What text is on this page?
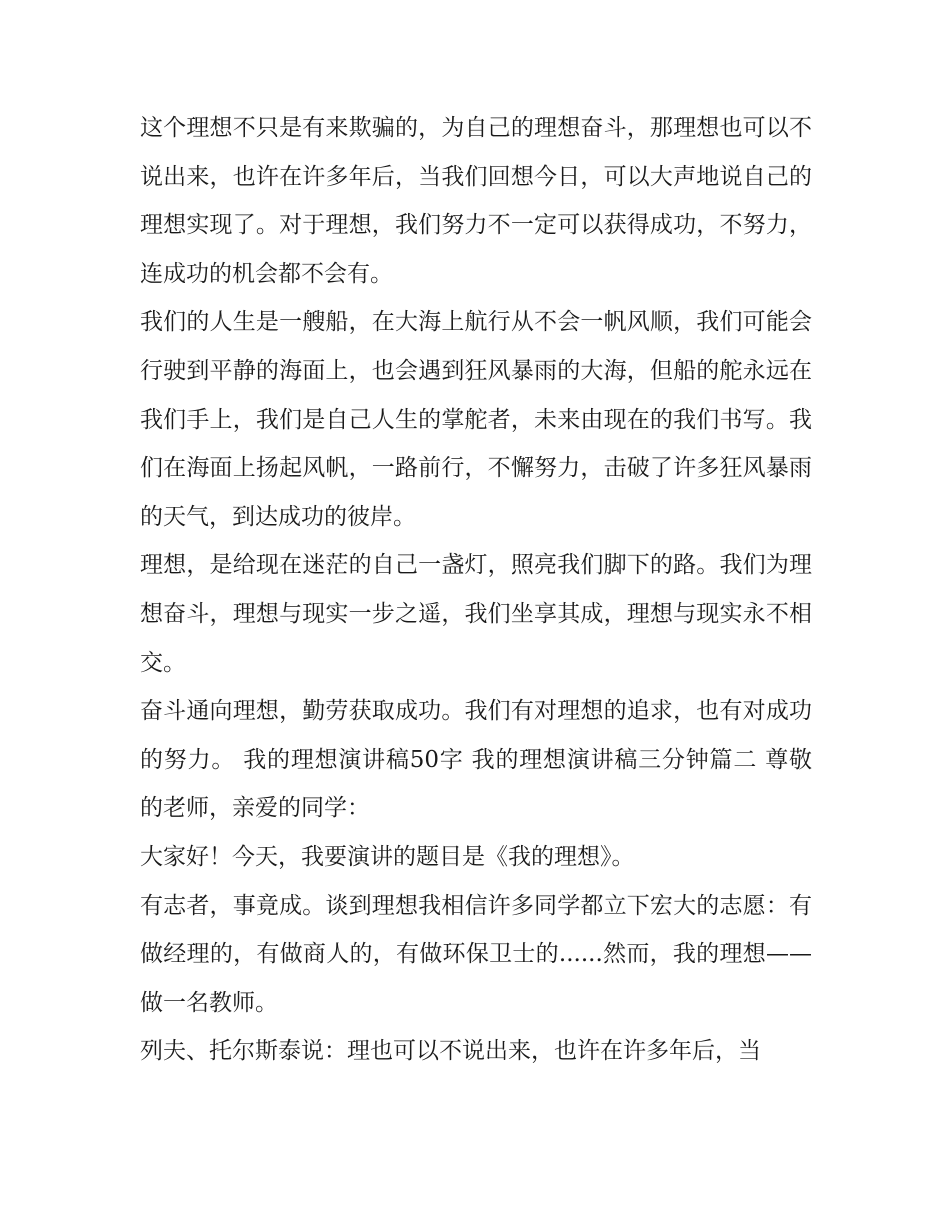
这个理想不只是有来欺骗的，为自己的理想奋斗，那理想也可以不说出来，也许在许多年后，当我们回想今日，可以大声地说自己的理想实现了。对于理想，我们努力不一定可以获得成功，不努力，连成功的机会都不会有。

我们的人生是一艘船，在大海上航行从不会一帆风顺，我们可能会行驶到平静的海面上，也会遇到狂风暴雨的大海，但船的舵永远在我们手上，我们是自己人生的掌舵者，未来由现在的我们书写。我们在海面上扬起风帆，一路前行，不懈努力，击破了许多狂风暴雨的天气，到达成功的彼岸。

理想，是给现在迷茫的自己一盏灯，照亮我们脚下的路。我们为理想奋斗，理想与现实一步之遥，我们坐享其成，理想与现实永不相交。

奋斗通向理想，勤劳获取成功。我们有对理想的追求，也有对成功的努力。 我的理想演讲稿50字 我的理想演讲稿三分钟篇二 尊敬的老师，亲爱的同学：

大家好！今天，我要演讲的题目是《我的理想》。

有志者，事竟成。谈到理想我相信许多同学都立下宏大的志愿：有做经理的，有做商人的，有做环保卫士的......然而，我的理想——做一名教师。

列夫、托尔斯泰说：理也可以不说出来，也许在许多年后，当
